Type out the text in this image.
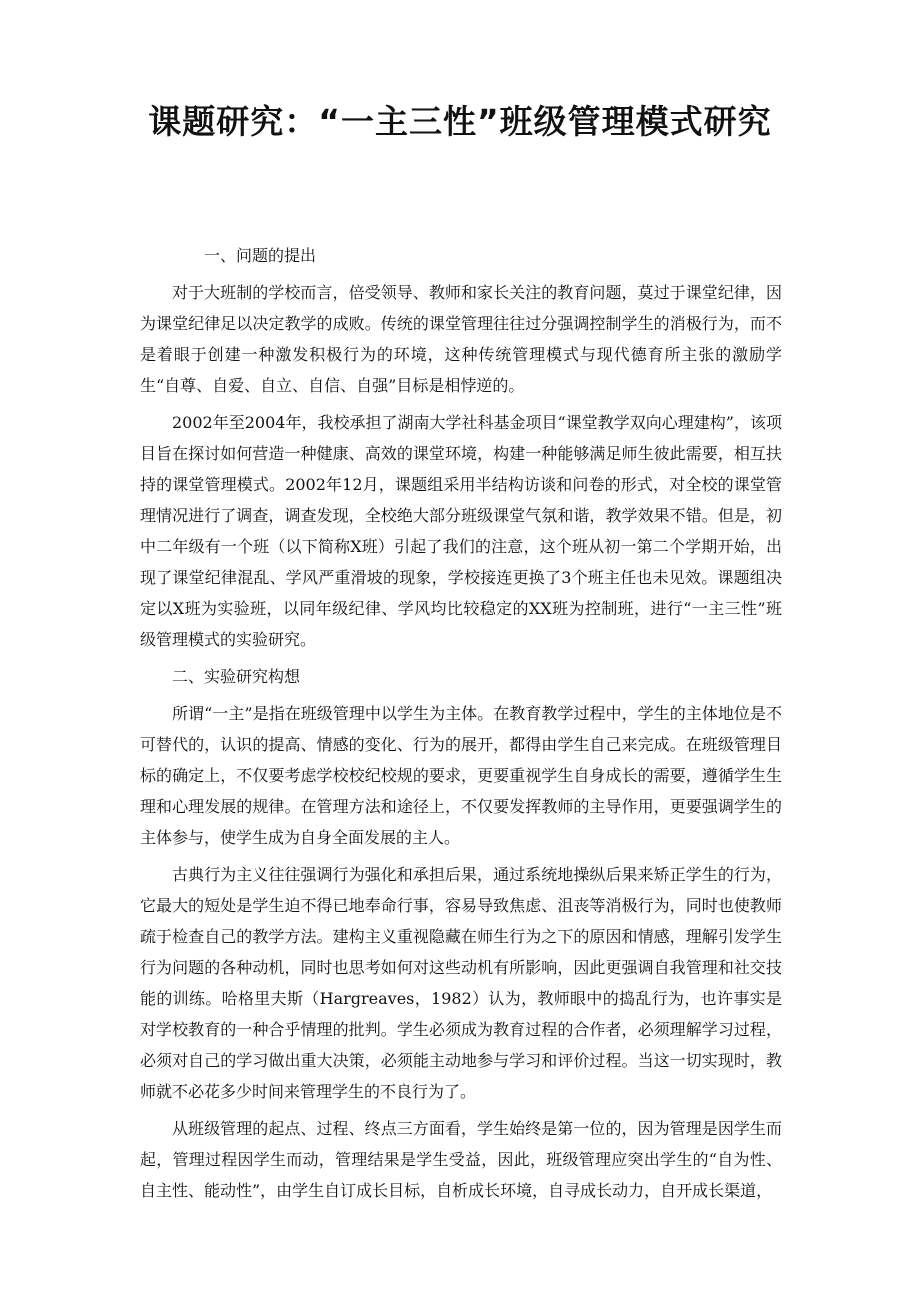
课题研究：“一主三性”班级管理模式研究

一、问题的提出

对于大班制的学校而言，倍受领导、教师和家长关注的教育问题，莫过于课堂纪律，因为课堂纪律足以决定教学的成败。传统的课堂管理往往过分强调控制学生的消极行为，而不是着眼于创建一种激发积极行为的环境，这种传统管理模式与现代德育所主张的激励学生“自尊、自爱、自立、自信、自强”目标是相悖逆的。

2002年至2004年，我校承担了湖南大学社科基金项目“课堂教学双向心理建构”，该项目旨在探讨如何营造一种健康、高效的课堂环境，构建一种能够满足师生彼此需要，相互扶持的课堂管理模式。2002年12月，课题组采用半结构访谈和问卷的形式，对全校的课堂管理情况进行了调查，调查发现，全校绝大部分班级课堂气氛和谐，教学效果不错。但是，初中二年级有一个班（以下简称X班）引起了我们的注意，这个班从初一第二个学期开始，出现了课堂纪律混乱、学风严重滑坡的现象，学校接连更换了3个班主任也未见效。课题组决定以X班为实验班，以同年级纪律、学风均比较稳定的XX班为控制班，进行“一主三性”班级管理模式的实验研究。

二、实验研究构想

所谓“一主”是指在班级管理中以学生为主体。在教育教学过程中，学生的主体地位是不可替代的，认识的提高、情感的变化、行为的展开，都得由学生自己来完成。在班级管理目标的确定上，不仅要考虑学校校纪校规的要求，更要重视学生自身成长的需要，遵循学生生理和心理发展的规律。在管理方法和途径上，不仅要发挥教师的主导作用，更要强调学生的主体参与，使学生成为自身全面发展的主人。

古典行为主义往往强调行为强化和承担后果，通过系统地操纵后果来矫正学生的行为，它最大的短处是学生迫不得已地奉命行事，容易导致焦虑、沮丧等消极行为，同时也使教师疏于检查自己的教学方法。建构主义重视隐藏在师生行为之下的原因和情感，理解引发学生行为问题的各种动机，同时也思考如何对这些动机有所影响，因此更强调自我管理和社交技能的训练。哈格里夫斯（Hargreaves，1982）认为，教师眼中的捣乱行为，也许事实是对学校教育的一种合乎情理的批判。学生必须成为教育过程的合作者，必须理解学习过程，必须对自己的学习做出重大决策，必须能主动地参与学习和评价过程。当这一切实现时，教师就不必花多少时间来管理学生的不良行为了。

从班级管理的起点、过程、终点三方面看，学生始终是第一位的，因为管理是因学生而起，管理过程因学生而动，管理结果是学生受益，因此，班级管理应突出学生的“自为性、自主性、能动性”，由学生自订成长目标，自析成长环境，自寻成长动力，自开成长渠道，
